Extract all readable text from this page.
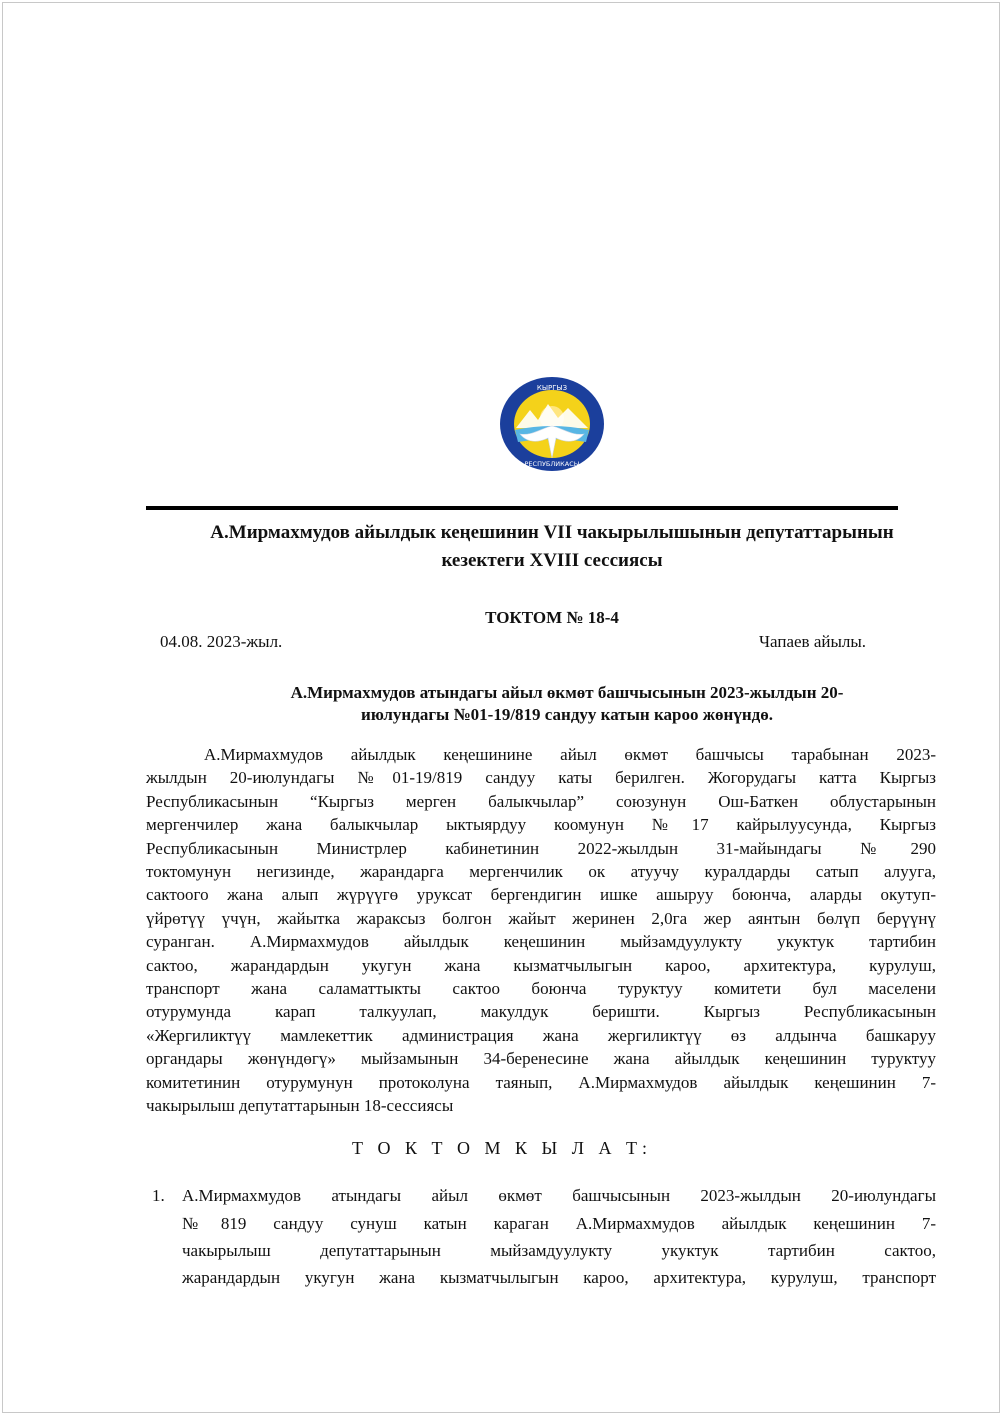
КЫРГЫЗ
РЕСПУБЛИКАСЫ
А.Мирмахмудов айылдык кеңешинин VII чакырылышынын депутаттарынын
кезектеги XVIII сессиясы
ТОКТОМ № 18-4
04.08. 2023-жыл.	Чапаев айылы.
А.Мирмахмудов атындагы айыл өкмөт башчысынын 2023-жылдын 20-
июлундагы №01-19/819 сандуу катын кароо жөнүндө.
А.Мирмахмудов айылдык кеңешинине айыл өкмөт башчысы тарабынан 2023-
жылдын 20-июлундагы №01-19/819 сандуу каты берилген. Жогорудагы катта Кыргыз
Республикасынын “Кыргыз мерген балыкчылар” союзунун Ош-Баткен облустарынын
мергенчилер жана балыкчылар ыктыярдуу коомунун №17 кайрылуусунда, Кыргыз
Республикасынын Министрлер кабинетинин 2022-жылдын 31-майындагы №290
токтомунун негизинде, жарандарга мергенчилик ок атуучу куралдарды сатып алууга,
сактоого жана алып жүрүүгө уруксат бергендигин ишке ашыруу боюнча, аларды окутуп-
үйрөтүү үчүн, жайытка жараксыз болгон жайыт жеринен 2,0га жер аянтын бөлүп берүүнү
суранган. А.Мирмахмудов айылдык кеңешинин мыйзамдуулукту укуктук тартибин
сактоо, жарандардын укугун жана кызматчылыгын кароо, архитектура, курулуш,
транспорт жана саламаттыкты сактоо боюнча туруктуу комитети бул маселени
отурумунда карап талкуулап, макулдук беришти. Кыргыз Республикасынын
«Жергиликтүү мамлекеттик администрация жана жергиликтүү өз алдынча башкаруу
органдары жөнүндөгү» мыйзамынын 34-беренесине жана айылдык кеңешинин туруктуу
комитетинин отурумунун протоколуна таянып, А.Мирмахмудов айылдык кеңешинин 7-
чакырылыш депутаттарынын 18-сессиясы
Т О К Т О М К Ы Л А Т:
1. А.Мирмахмудов атындагы айыл өкмөт башчысынын 2023-жылдын 20-июлундагы
№819 сандуу сунуш катын караган А.Мирмахмудов айылдык кеңешинин 7-
чакырылыш депутаттарынын мыйзамдуулукту укуктук тартибин сактоо,
жарандардын укугун жана кызматчылыгын кароо, архитектура, курулуш, транспорт
